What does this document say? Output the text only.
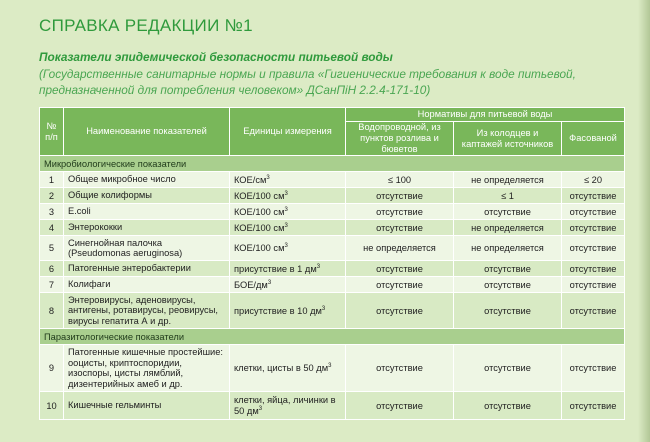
СПРАВКА РЕДАКЦИИ №1
Показатели эпидемической безопасности питьевой воды
(Государственные санитарные нормы и правила «Гигиенические требования к воде питьевой, предназначенной для потребления человеком» ДСанПіН 2.2.4-171-10)
№ п/п	Наименование показателей	Единицы измерения	Нормативы для питьевой воды		
			Водопроводной, из пунктов розлива и бюветов	Из колодцев и каптажей источников	Фасованой
Микробиологические показатели					
1	Общее микробное число	КОЕ/$см^3$	≤ 100	не определяется	≤ 20
2	Общие колиформы	КОЕ/100 $см^3$	отсутствие	≤ 1	отсутствие
3	E.coli	КОЕ/100 $см^3$	отсутствие	отсутствие	отсутствие
4	Энтерококки	КОЕ/100 $см^3$	отсутствие	не определяется	отсутствие
5	Синегнойная палочка (Pseudomonas aeruginosa)	КОЕ/100 $см^3$	не определяется	не определяется	отсутствие
6	Патогенные энтеробактерии	присутствие в 1 $дм^3$	отсутствие	отсутствие	отсутствие
7	Колифаги	БОЕ/$дм^3$	отсутствие	отсутствие	отсутствие
8	Энтеровирусы, аденовирусы, антигены, ротавирусы, реовирусы, вирусы гепатита А и др.	присутствие в 10 $дм^3$	отсутствие	отсутствие	отсутствие
Паразитологические показатели					
9	Патогенные кишечные простейшие: ооцисты, криптоспоридии, изоспоры, цисты лямблий, дизентерийных амеб и др.	клетки, цисты в 50 $дм^3$	отсутствие	отсутствие	отсутствие
10	Кишечные гельминты	клетки, яйца, личинки в 50 $дм^3$	отсутствие	отсутствие	отсутствие
